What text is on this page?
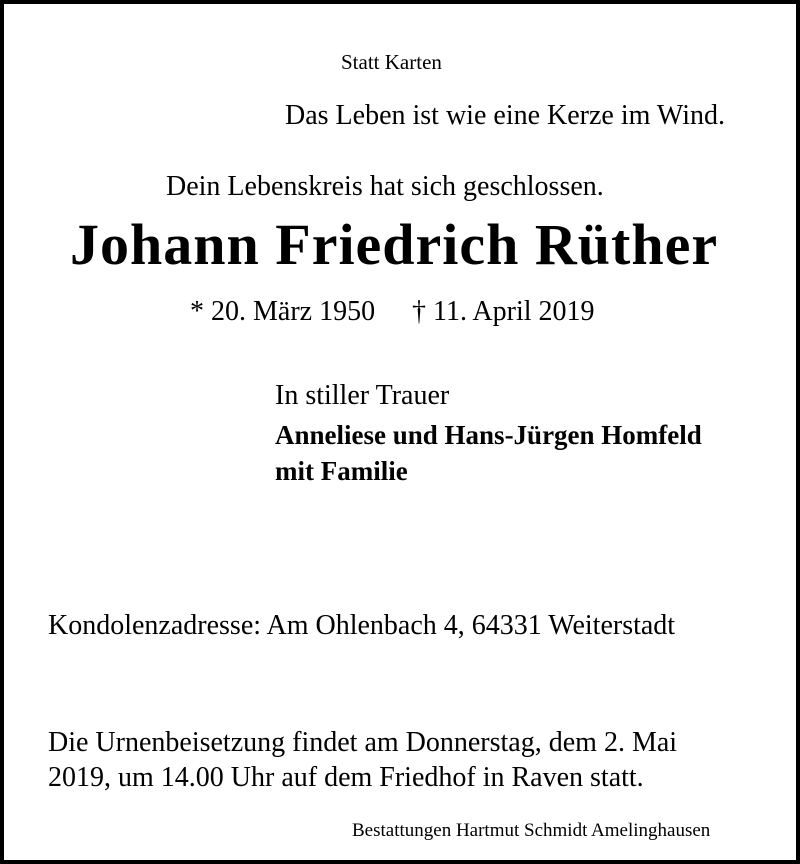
Statt Karten

Das Leben ist wie eine Kerze im Wind.

Dein Lebenskreis hat sich geschlossen.

Johann Friedrich Rüther

* 20. März 1950 † 11. April 2019

In stiller Trauer

Anneliese und Hans-Jürgen Homfeld

mit Familie

Kondolenzadresse: Am Ohlenbach 4, 64331 Weiterstadt

Die Urnenbeisetzung findet am Donnerstag, dem 2. Mai

2019, um 14.00 Uhr auf dem Friedhof in Raven statt.

Bestattungen Hartmut Schmidt Amelinghausen
